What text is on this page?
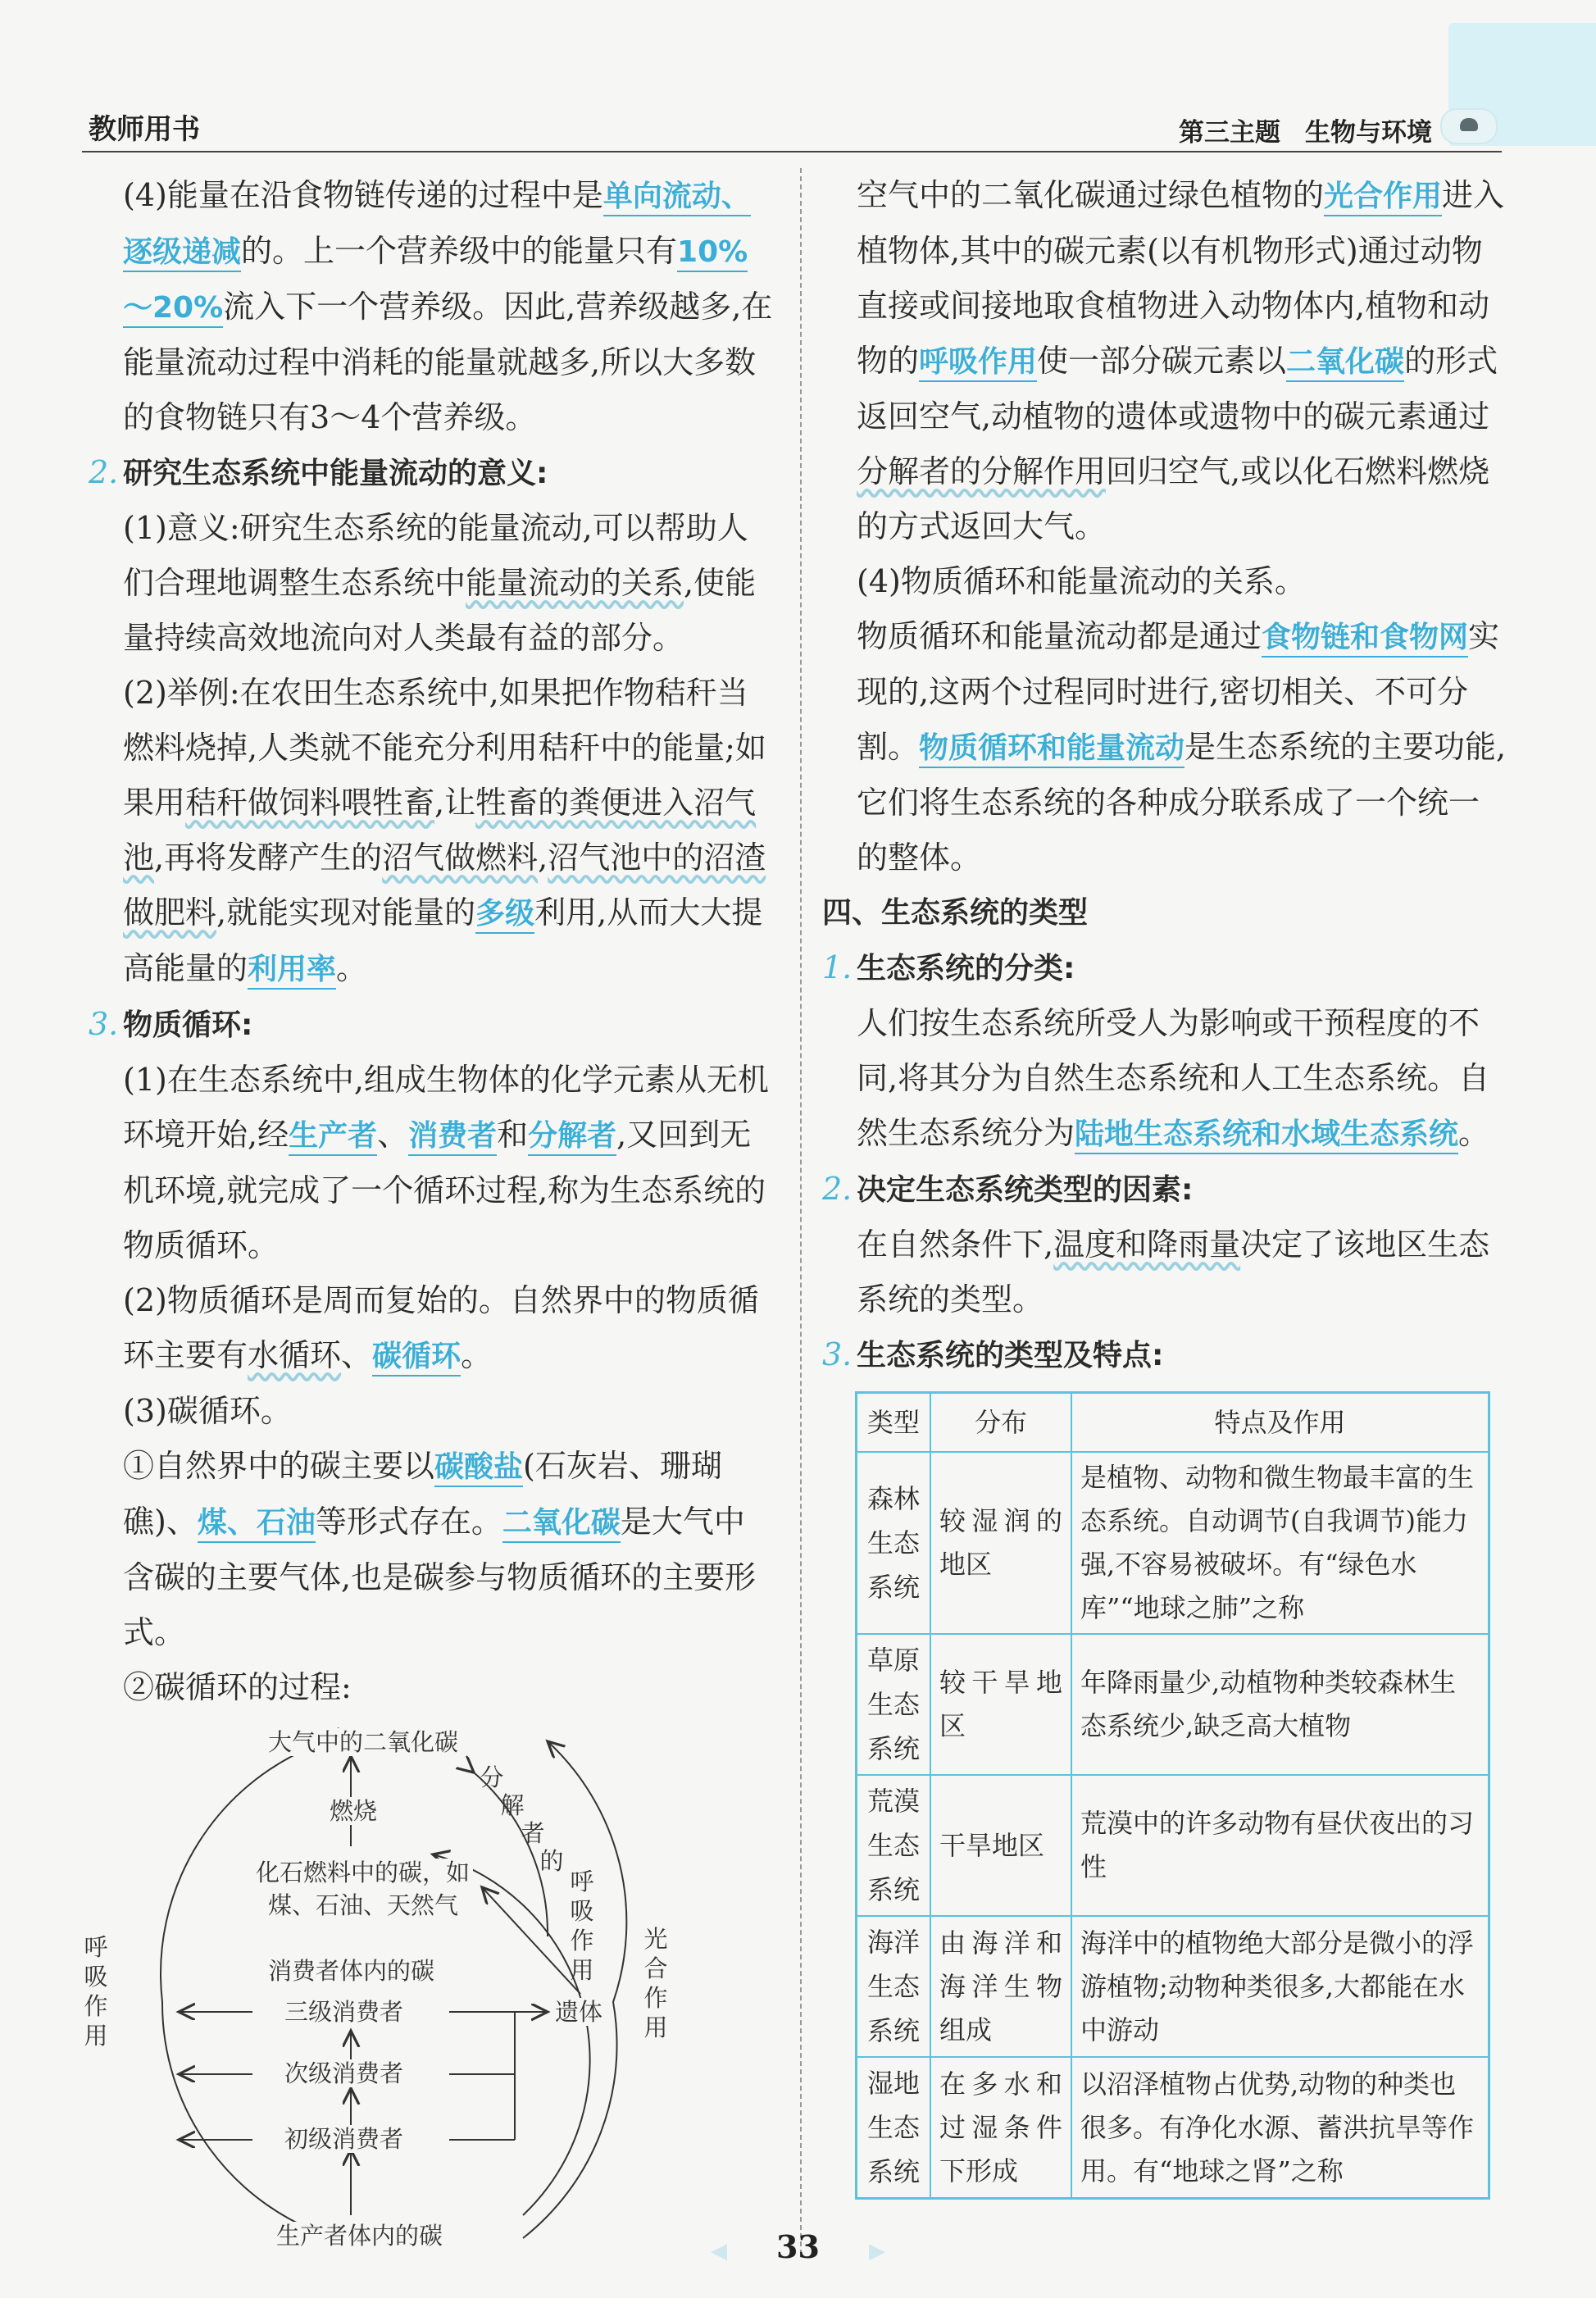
教师用书	第三主题 生物与环境

(4)能量在沿食物链传递的过程中是单向流动、逐级递减的。上一个营养级中的能量只有10%～20%流入下一个营养级。因此,营养级越多,在能量流动过程中消耗的能量就越多,所以大多数的食物链只有3～4个营养级。

2. 研究生态系统中能量流动的意义:

(1)意义:研究生态系统的能量流动,可以帮助人们合理地调整生态系统中能量流动的关系,使能量持续高效地流向对人类最有益的部分。

(2)举例:在农田生态系统中,如果把作物秸秆当燃料烧掉,人类就不能充分利用秸秆中的能量;如果用秸秆做饲料喂牲畜,让牲畜的粪便进入沼气池,再将发酵产生的沼气做燃料,沼气池中的沼渣做肥料,就能实现对能量的多级利用,从而大大提高能量的利用率。

3. 物质循环:

(1)在生态系统中,组成生物体的化学元素从无机环境开始,经生产者、消费者和分解者,又回到无机环境,就完成了一个循环过程,称为生态系统的物质循环。

(2)物质循环是周而复始的。自然界中的物质循环主要有水循环、碳循环。

(3)碳循环。

①自然界中的碳主要以碳酸盐(石灰岩、珊瑚礁)、煤、石油等形式存在。二氧化碳是大气中含碳的主要气体,也是碳参与物质循环的主要形式。

②碳循环的过程:

大气中的二氧化碳
燃烧
化石燃料中的碳，如
煤、石油、天然气
消费者体内的碳
三级消费者
次级消费者
初级消费者
生产者体内的碳
遗体
呼
吸
作
用
分
解
者
的
呼
吸
作
用
光
合
作
用

空气中的二氧化碳通过绿色植物的光合作用进入植物体,其中的碳元素(以有机物形式)通过动物直接或间接地取食植物进入动物体内,植物和动物的呼吸作用使一部分碳元素以二氧化碳的形式返回空气,动植物的遗体或遗物中的碳元素通过分解者的分解作用回归空气,或以化石燃料燃烧的方式返回大气。

(4)物质循环和能量流动的关系。

物质循环和能量流动都是通过食物链和食物网实现的,这两个过程同时进行,密切相关、不可分割。物质循环和能量流动是生态系统的主要功能,它们将生态系统的各种成分联系成了一个统一的整体。

四、生态系统的类型

1. 生态系统的分类:

人们按生态系统所受人为影响或干预程度的不同,将其分为自然生态系统和人工生态系统。自然生态系统分为陆地生态系统和水域生态系统。

2. 决定生态系统类型的因素:

在自然条件下,温度和降雨量决定了该地区生态系统的类型。

3. 生态系统的类型及特点:

类型	分布	特点及作用
森林生态系统	较湿润的地区	是植物、动物和微生物最丰富的生态系统。自动调节(自我调节)能力强,不容易被破坏。有“绿色水库”“地球之肺”之称
草原生态系统	较干旱地区	年降雨量少,动植物种类较森林生态系统少,缺乏高大植物
荒漠生态系统	干旱地区	荒漠中的许多动物有昼伏夜出的习性
海洋生态系统	由海洋和海洋生物组成	海洋中的植物绝大部分是微小的浮游植物;动物种类很多,大都能在水中游动
湿地生态系统	在多水和过湿条件下形成	以沼泽植物占优势,动物的种类也很多。有净化水源、蓄洪抗旱等作用。有“地球之肾”之称
◀ 33 ▶
